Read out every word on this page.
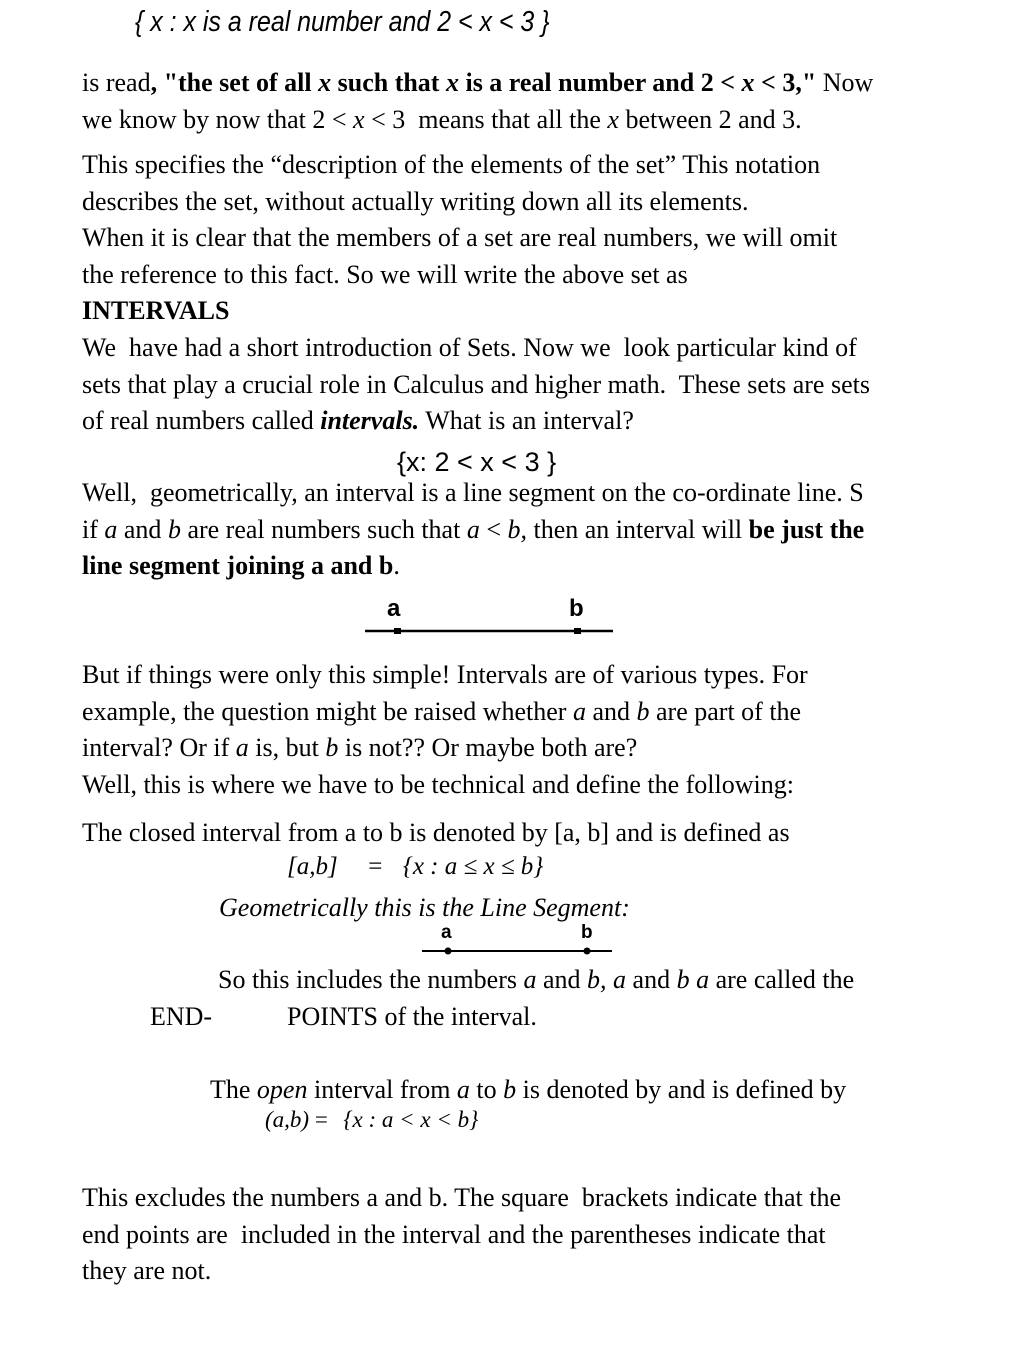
{ x : x is a real number and 2 < x < 3 }
is read, "the set of all x such that x is a real number and 2 < x < 3," Now
we know by now that 2 < x < 3  means that all the x between 2 and 3.
This specifies the “description of the elements of the set” This notation
describes the set, without actually writing down all its elements.
When it is clear that the members of a set are real numbers, we will omit
the reference to this fact. So we will write the above set as
INTERVALS
We  have had a short introduction of Sets. Now we  look particular kind of
sets that play a crucial role in Calculus and higher math.  These sets are sets
of real numbers called intervals. What is an interval?
{x: 2 < x < 3 }
Well,  geometrically, an interval is a line segment on the co-ordinate line. S
if a and b are real numbers such that a < b, then an interval will be just the
line segment joining a and b.
a	b
But if things were only this simple! Intervals are of various types. For
example, the question might be raised whether a and b are part of the
interval? Or if a is, but b is not?? Or maybe both are?
Well, this is where we have to be technical and define the following:
The closed interval from a to b is denoted by [a, b] and is defined as
[a,b] = {x : a ≤ x ≤ b}
Geometrically this is the Line Segment:
a	b
So this includes the numbers a and b, a and b a are called the
END-	POINTS of the interval.
The open interval from a to b is denoted by and is defined by
(a,b) = {x : a < x < b}
This excludes the numbers a and b. The square  brackets indicate that the
end points are  included in the interval and the parentheses indicate that
they are not.
